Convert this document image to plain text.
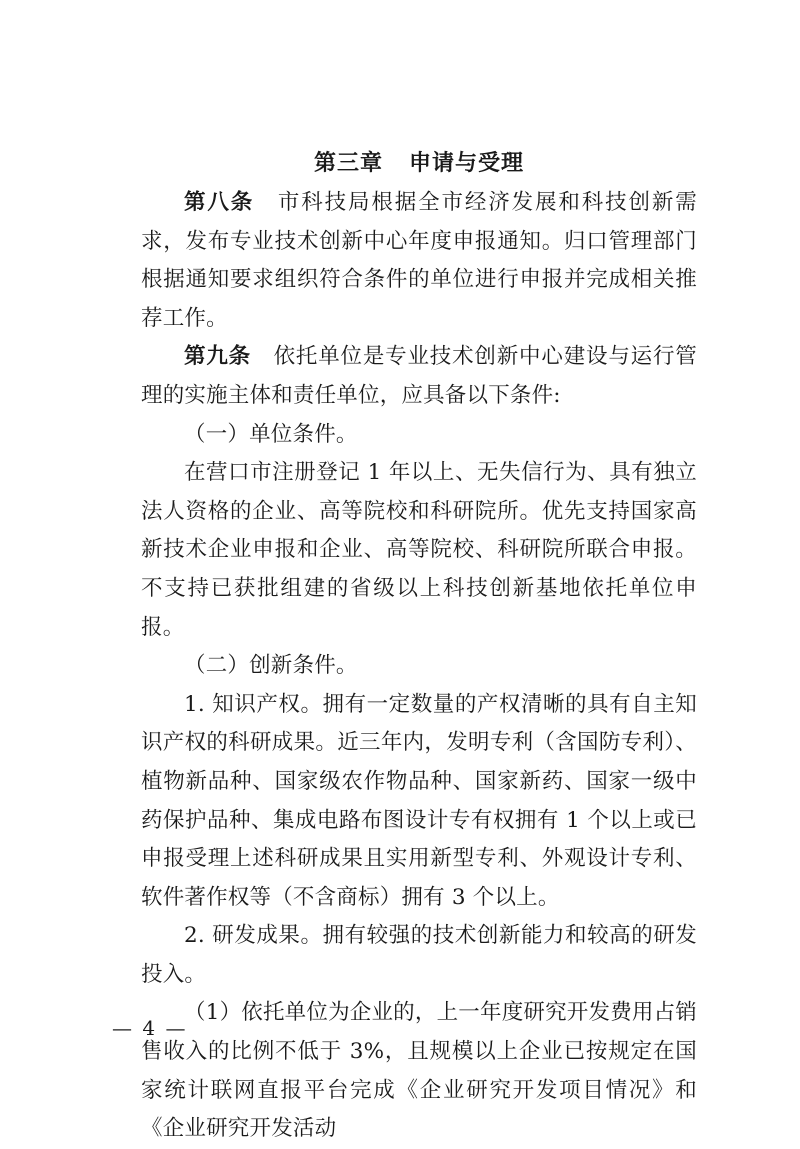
第三章 申请与受理

第八条 市科技局根据全市经济发展和科技创新需求，发布专业技术创新中心年度申报通知。归口管理部门根据通知要求组织符合条件的单位进行申报并完成相关推荐工作。

第九条 依托单位是专业技术创新中心建设与运行管理的实施主体和责任单位，应具备以下条件:

（一）单位条件。

在营口市注册登记 1 年以上、无失信行为、具有独立法人资格的企业、高等院校和科研院所。优先支持国家高新技术企业申报和企业、高等院校、科研院所联合申报。不支持已获批组建的省级以上科技创新基地依托单位申报。

（二）创新条件。

1. 知识产权。拥有一定数量的产权清晰的具有自主知识产权的科研成果。近三年内，发明专利（含国防专利）、植物新品种、国家级农作物品种、国家新药、国家一级中药保护品种、集成电路布图设计专有权拥有 1 个以上或已申报受理上述科研成果且实用新型专利、外观设计专利、软件著作权等（不含商标）拥有 3 个以上。

2. 研发成果。拥有较强的技术创新能力和较高的研发投入。

（1）依托单位为企业的，上一年度研究开发费用占销售收入的比例不低于 3%，且规模以上企业已按规定在国家统计联网直报平台完成《企业研究开发项目情况》和《企业研究开发活动

— 4 —
